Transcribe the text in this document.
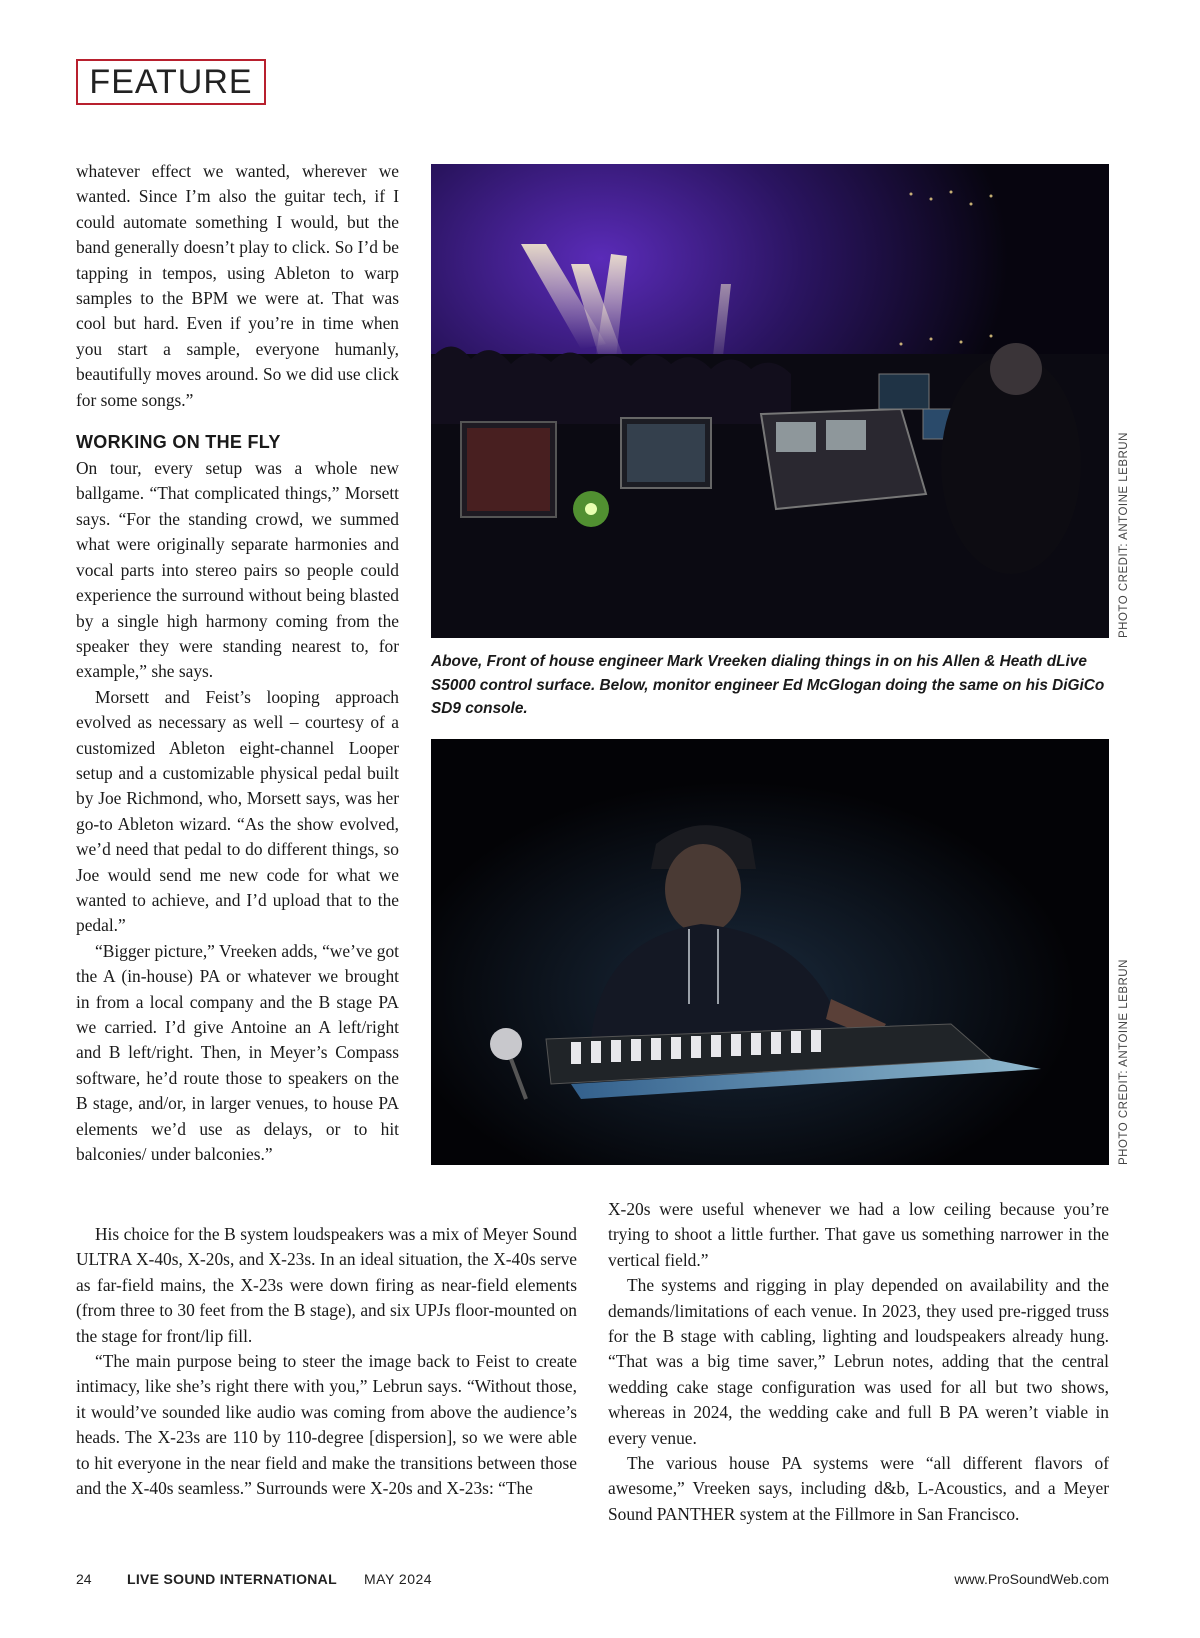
FEATURE

whatever effect we wanted, wherever we wanted. Since I’m also the guitar tech, if I could automate something I would, but the band generally doesn’t play to click. So I’d be tapping in tempos, using Ableton to warp samples to the BPM we were at. That was cool but hard. Even if you’re in time when you start a sample, everyone humanly, beautifully moves around. So we did use click for some songs.”

WORKING ON THE FLY

On tour, every setup was a whole new ballgame. “That complicated things,” Morsett says. “For the standing crowd, we summed what were originally separate harmonies and vocal parts into stereo pairs so people could experience the surround without being blasted by a single high harmony coming from the speaker they were standing nearest to, for example,” she says.

Morsett and Feist’s looping approach evolved as necessary as well – courtesy of a customized Ableton eight-channel Looper setup and a customizable physical pedal built by Joe Richmond, who, Morsett says, was her go-to Ableton wizard. “As the show evolved, we’d need that pedal to do different things, so Joe would send me new code for what we wanted to achieve, and I’d upload that to the pedal.”

“Bigger picture,” Vreeken adds, “we’ve got the A (in-house) PA or whatever we brought in from a local company and the B stage PA we carried. I’d give Antoine an A left/right and B left/right. Then, in Meyer’s Compass software, he’d route those to speakers on the B stage, and/or, in larger venues, to house PA elements we’d use as delays, or to hit balconies/ under balconies.”

PHOTO CREDIT: ANTOINE LEBRUN
Above, Front of house engineer Mark Vreeken dialing things in on his Allen & Heath dLive S5000 control surface. Below, monitor engineer Ed McGlogan doing the same on his DiGiCo SD9 console.
PHOTO CREDIT: ANTOINE LEBRUN

His choice for the B system loudspeakers was a mix of Meyer Sound ULTRA X-40s, X-20s, and X-23s. In an ideal situation, the X-40s serve as far-field mains, the X-23s were down firing as near-field elements (from three to 30 feet from the B stage), and six UPJs floor-mounted on the stage for front/lip fill.

“The main purpose being to steer the image back to Feist to create intimacy, like she’s right there with you,” Lebrun says. “Without those, it would’ve sounded like audio was coming from above the audience’s heads. The X-23s are 110 by 110-degree [dispersion], so we were able to hit everyone in the near field and make the transitions between those and the X-40s seamless.” Surrounds were X-20s and X-23s: “The

X-20s were useful whenever we had a low ceiling because you’re trying to shoot a little further. That gave us something narrower in the vertical field.”

The systems and rigging in play depended on availability and the demands/limitations of each venue. In 2023, they used pre-rigged truss for the B stage with cabling, lighting and loudspeakers already hung. “That was a big time saver,” Lebrun notes, adding that the central wedding cake stage configuration was used for all but two shows, whereas in 2024, the wedding cake and full B PA weren’t viable in every venue.

The various house PA systems were “all different flavors of awesome,” Vreeken says, including d&b, L-Acoustics, and a Meyer Sound PANTHER system at the Fillmore in San Francisco.

24	LIVE SOUND INTERNATIONAL MAY 2024	www.ProSoundWeb.com
